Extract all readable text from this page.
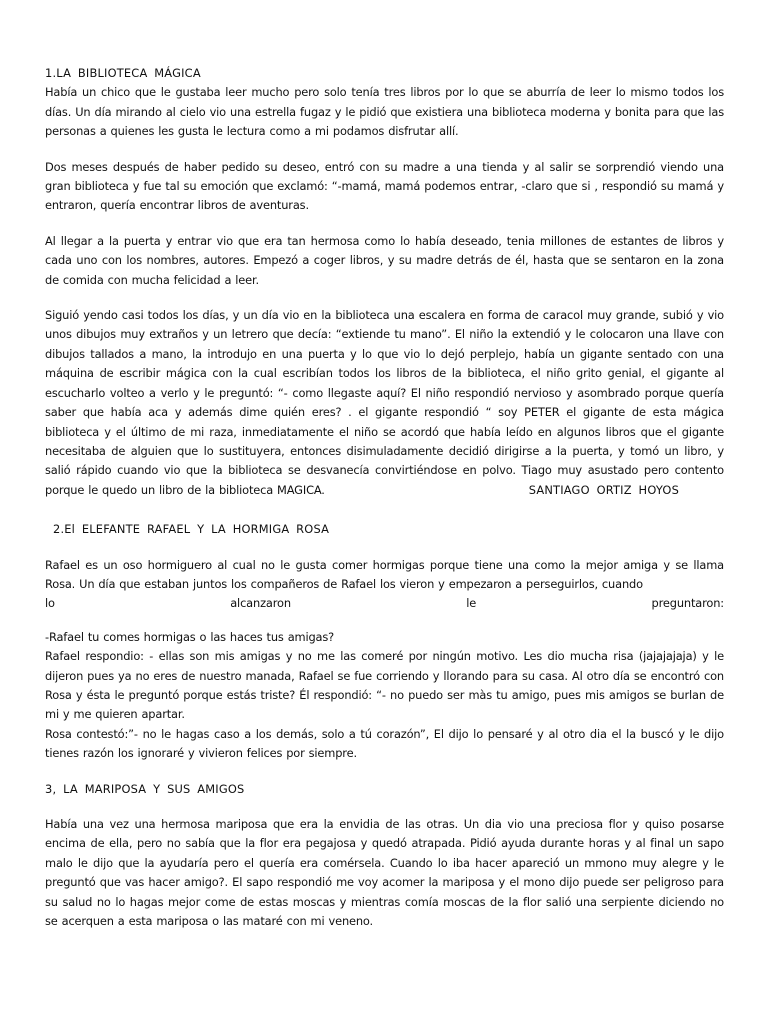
1.LA BIBLIOTECA MÁGICA

Había un chico que le gustaba leer mucho pero solo tenía tres libros por lo que se aburría de leer lo mismo todos los días. Un día mirando al cielo vio una estrella fugaz y le pidió que existiera una biblioteca moderna y bonita para que las personas a quienes les gusta le lectura como a mi podamos disfrutar allí.

Dos meses después de haber pedido su deseo, entró con su madre a una tienda y al salir se sorprendió viendo una gran biblioteca y fue tal su emoción que exclamó: “-mamá, mamá podemos entrar, -claro que si , respondió su mamá y entraron, quería encontrar libros de aventuras.

Al llegar a la puerta y entrar vio que era tan hermosa como lo había deseado, tenia millones de estantes de libros y cada uno con los nombres, autores. Empezó a coger libros, y su madre detrás de él, hasta que se sentaron en la zona de comida con mucha felicidad a leer.

Siguió yendo casi todos los días, y un día vio en la biblioteca una escalera en forma de caracol muy grande, subió y vio unos dibujos muy extraños y un letrero que decía: “extiende tu mano”. El niño la extendió y le colocaron una llave con dibujos tallados a mano, la introdujo en una puerta y lo que vio lo dejó perplejo, había un gigante sentado con una máquina de escribir mágica con la cual escribían todos los libros de la biblioteca, el niño grito genial, el gigante al escucharlo volteo a verlo y le preguntó: “- como llegaste aquí? El niño respondió nervioso y asombrado porque quería saber que había aca y además dime quién eres? . el gigante respondió “ soy PETER el gigante de esta mágica biblioteca y el último de mi raza, inmediatamente el niño se acordó que había leído en algunos libros que el gigante necesitaba de alguien que lo sustituyera, entonces disimuladamente decidió dirigirse a la puerta, y tomó un libro, y salió rápido cuando vio que la biblioteca se desvanecía convirtiéndose en polvo. Tiago muy asustado pero contento porque le quedo un libro de la biblioteca MAGICA.	SANTIAGO ORTIZ HOYOS

2.El ELEFANTE RAFAEL Y LA HORMIGA ROSA

Rafael es un oso hormiguero al cual no le gusta comer hormigas porque tiene una como la mejor amiga y se llama Rosa. Un día que estaban juntos los compañeros de Rafael los vieron y empezaron a perseguirlos, cuando
lo alcanzaron le preguntaron:

-Rafael tu comes hormigas o las haces tus amigas?

Rafael respondio: - ellas son mis amigas y no me las comeré por ningún motivo. Les dio mucha risa (jajajajaja) y le dijeron pues ya no eres de nuestro manada, Rafael se fue corriendo y llorando para su casa. Al otro día se encontró con Rosa y ésta le preguntó porque estás triste? Él respondió: “- no puedo ser màs tu amigo, pues mis amigos se burlan de mi y me quieren apartar.

Rosa contestó:”- no le hagas caso a los demás, solo a tú corazón”, El dijo lo pensaré y al otro dia el la buscó y le dijo tienes razón los ignoraré y vivieron felices por siempre.

3, LA MARIPOSA Y SUS AMIGOS

Había una vez una hermosa mariposa que era la envidia de las otras. Un dia vio una preciosa flor y quiso posarse encima de ella, pero no sabía que la flor era pegajosa y quedó atrapada. Pidió ayuda durante horas y al final un sapo malo le dijo que la ayudaría pero el quería era comérsela. Cuando lo iba hacer apareció un mmono muy alegre y le preguntó que vas hacer amigo?. El sapo respondió me voy acomer la mariposa y el mono dijo puede ser peligroso para su salud no lo hagas mejor come de estas moscas y mientras comía moscas de la flor salió una serpiente diciendo no se acerquen a esta mariposa o las mataré con mi veneno.
